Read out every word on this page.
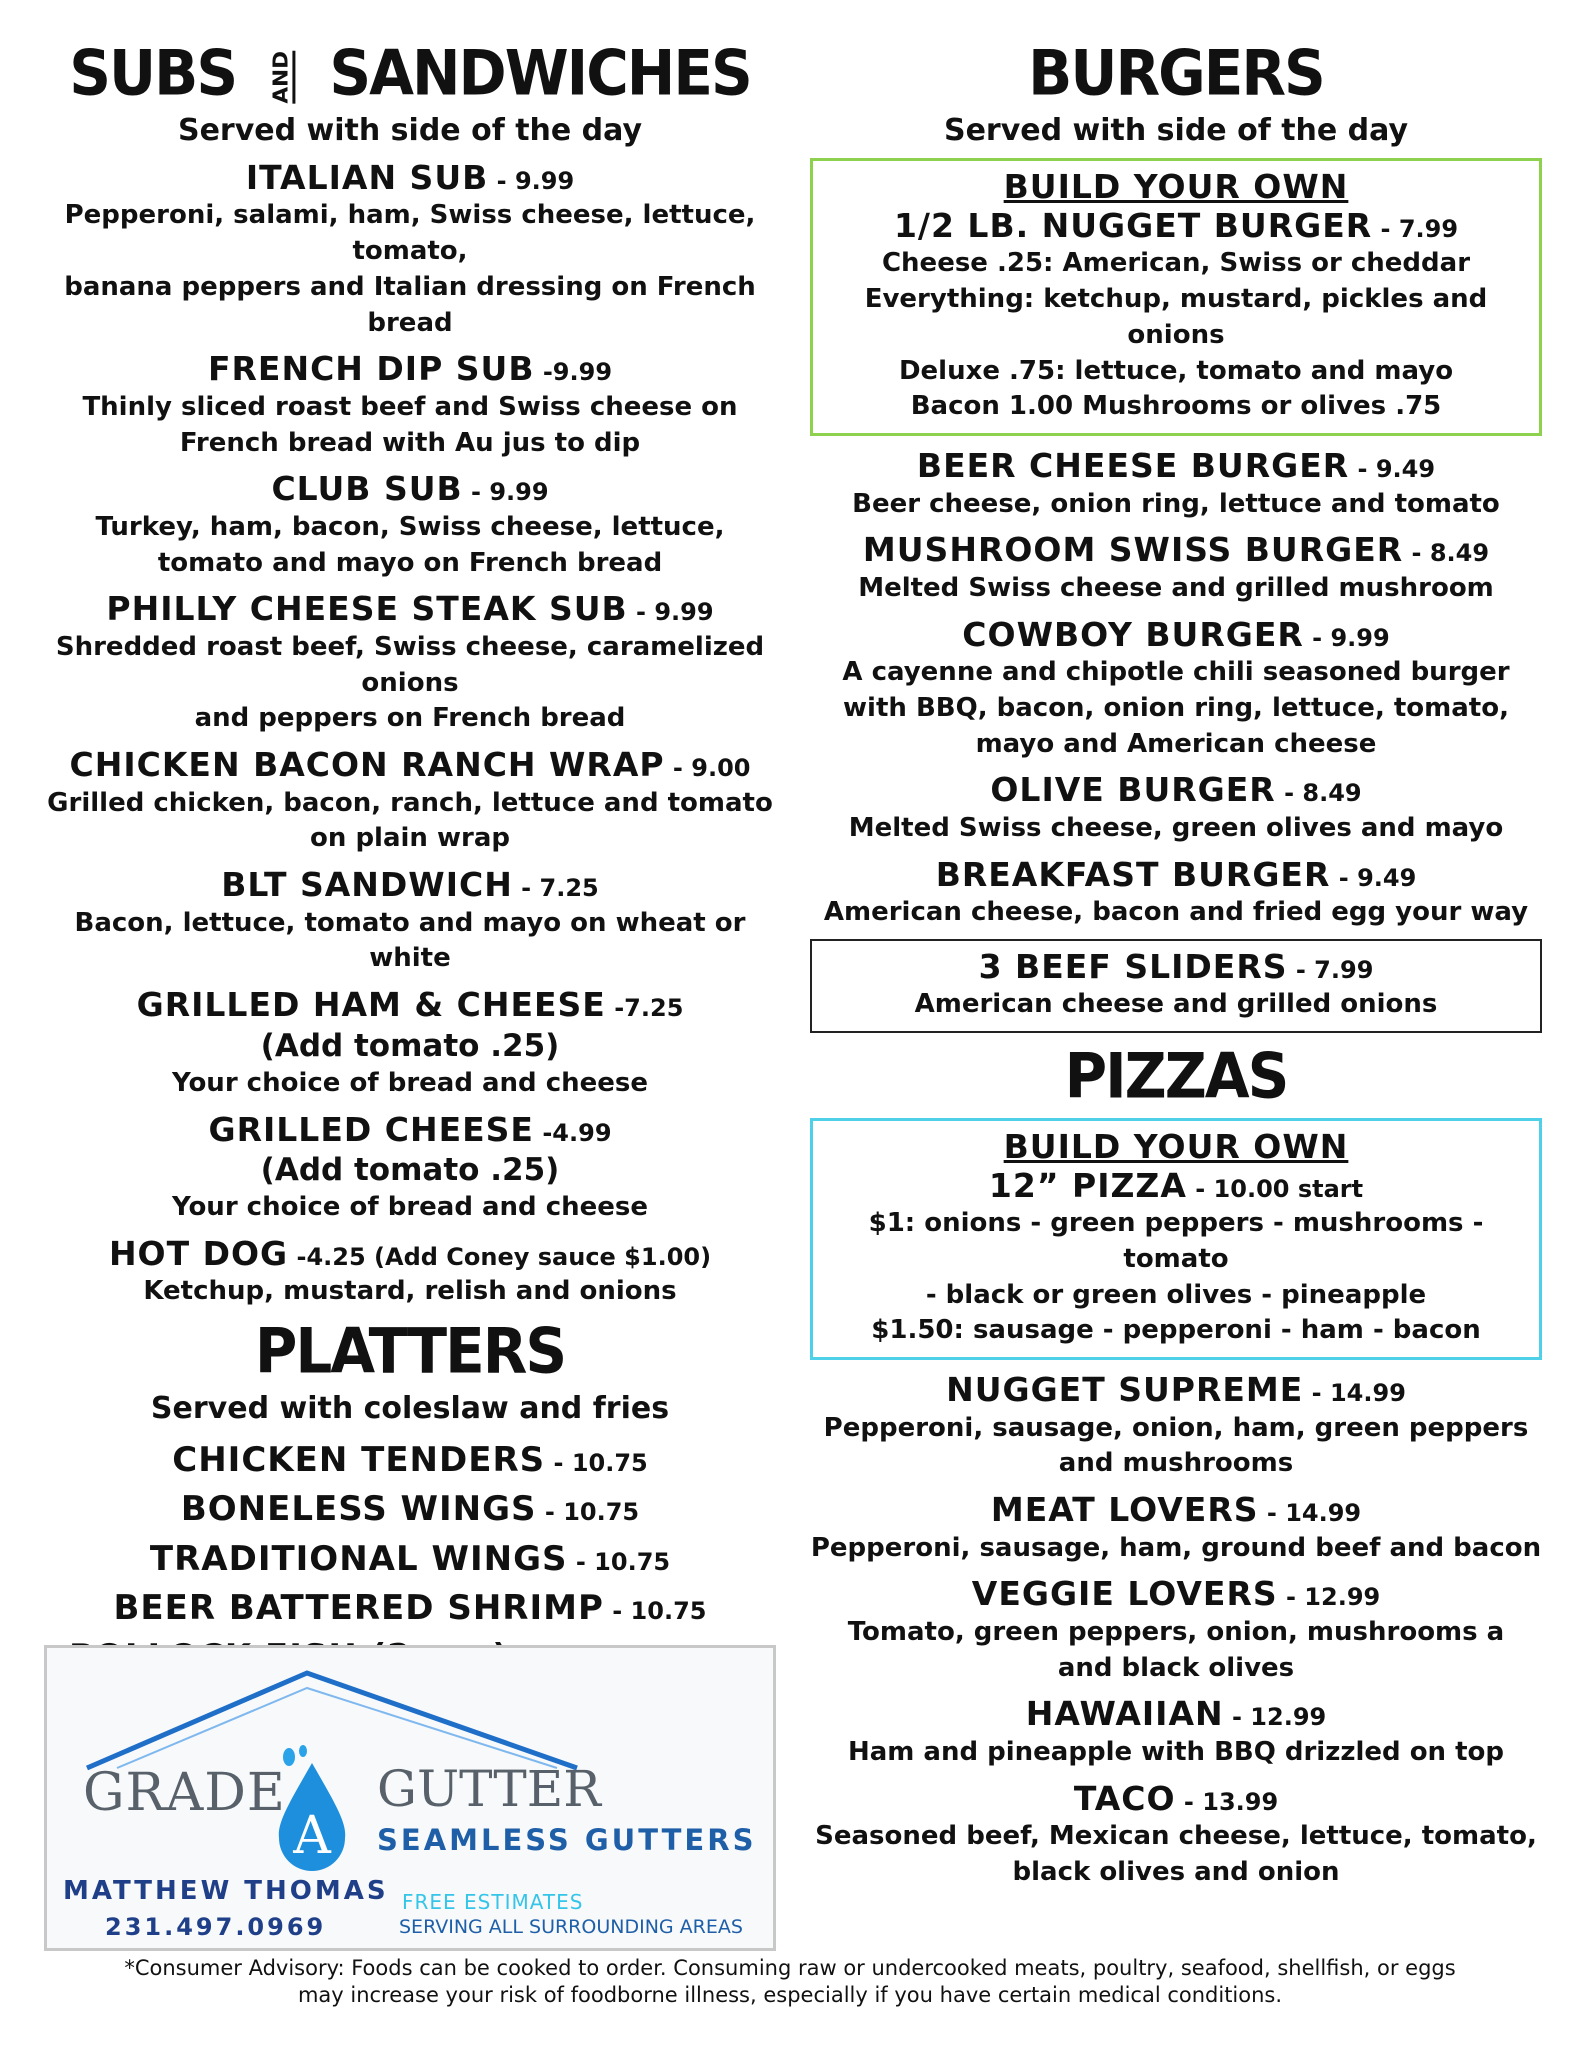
SUBS AND SANDWICHES
Served with side of the day
ITALIAN SUB - 9.99
Pepperoni, salami, ham, Swiss cheese, lettuce, tomato,
banana peppers and Italian dressing on French bread
FRENCH DIP SUB -9.99
Thinly sliced roast beef and Swiss cheese on
French bread with Au jus to dip
CLUB SUB - 9.99
Turkey, ham, bacon, Swiss cheese, lettuce,
tomato and mayo on French bread
PHILLY CHEESE STEAK SUB - 9.99
Shredded roast beef, Swiss cheese, caramelized onions
and peppers on French bread
CHICKEN BACON RANCH WRAP - 9.00
Grilled chicken, bacon, ranch, lettuce and tomato
on plain wrap
BLT SANDWICH - 7.25
Bacon, lettuce, tomato and mayo on wheat or white
GRILLED HAM & CHEESE -7.25
(Add tomato .25)
Your choice of bread and cheese
GRILLED CHEESE -4.99
(Add tomato .25)
Your choice of bread and cheese
HOT DOG -4.25 (Add Coney sauce $1.00)
Ketchup, mustard, relish and onions
PLATTERS
Served with coleslaw and fries
CHICKEN TENDERS - 10.75
BONELESS WINGS - 10.75
TRADITIONAL WINGS - 10.75
BEER BATTERED SHRIMP - 10.75
BURGERS
Served with side of the day
BUILD YOUR OWN
1/2 LB. NUGGET BURGER - 7.99
Cheese .25: American, Swiss or cheddar
Everything: ketchup, mustard, pickles and onions
Deluxe .75: lettuce, tomato and mayo
Bacon 1.00 Mushrooms or olives .75
BEER CHEESE BURGER - 9.49
Beer cheese, onion ring, lettuce and tomato
MUSHROOM SWISS BURGER - 8.49
Melted Swiss cheese and grilled mushroom
COWBOY BURGER - 9.99
A cayenne and chipotle chili seasoned burger
with BBQ, bacon, onion ring, lettuce, tomato,
mayo and American cheese
OLIVE BURGER - 8.49
Melted Swiss cheese, green olives and mayo
BREAKFAST BURGER - 9.49
American cheese, bacon and fried egg your way
3 BEEF SLIDERS - 7.99
American cheese and grilled onions
PIZZAS
BUILD YOUR OWN
12” PIZZA - 10.00 start
$1: onions - green peppers - mushrooms - tomato
- black or green olives - pineapple
$1.50: sausage - pepperoni - ham - bacon
NUGGET SUPREME - 14.99
Pepperoni, sausage, onion, ham, green peppers
and mushrooms
MEAT LOVERS - 14.99
Pepperoni, sausage, ham, ground beef and bacon
VEGGIE LOVERS - 12.99
Tomato, green peppers, onion, mushrooms a
and black olives
HAWAIIAN - 12.99
Ham and pineapple with BBQ drizzled on top
TACO - 13.99
Seasoned beef, Mexican cheese, lettuce, tomato,
black olives and onion
A
GRADE GUTTER
SEAMLESS GUTTERS
MATTHEW THOMAS
231.497.0969
FREE ESTIMATES
SERVING ALL SURROUNDING AREAS
*Consumer Advisory: Foods can be cooked to order. Consuming raw or undercooked meats, poultry, seafood, shellfish, or eggs
may increase your risk of foodborne illness, especially if you have certain medical conditions.
